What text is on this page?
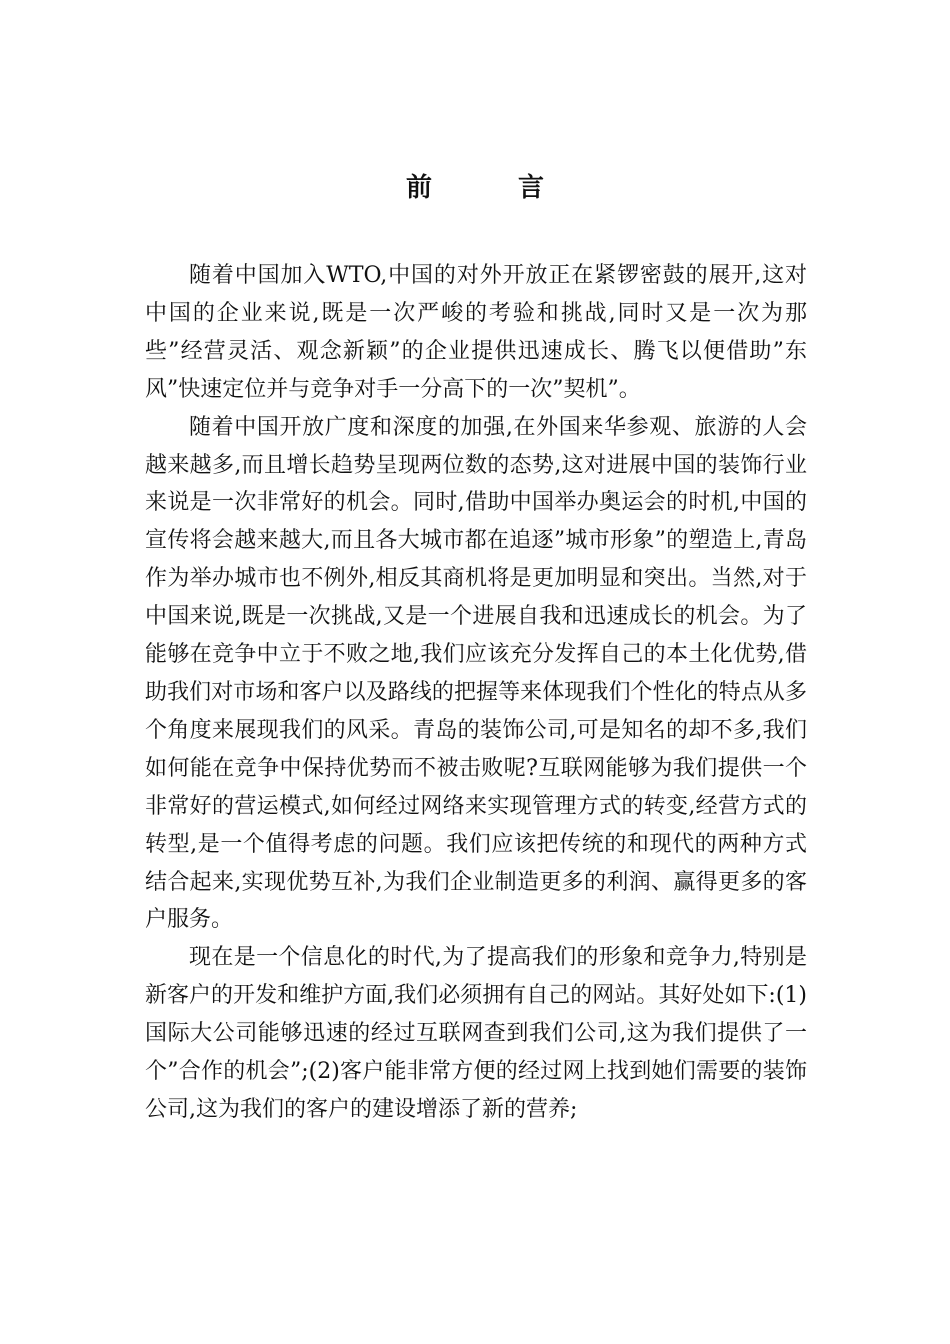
前　言

随着中国加入WTO,中国的对外开放正在紧锣密鼓的展开,这对中国的企业来说,既是一次严峻的考验和挑战,同时又是一次为那些”经营灵活、观念新颖”的企业提供迅速成长、腾飞以便借助”东风”快速定位并与竞争对手一分高下的一次”契机”。

随着中国开放广度和深度的加强,在外国来华参观、旅游的人会越来越多,而且增长趋势呈现两位数的态势,这对进展中国的装饰行业来说是一次非常好的机会。同时,借助中国举办奥运会的时机,中国的宣传将会越来越大,而且各大城市都在追逐”城市形象”的塑造上,青岛作为举办城市也不例外,相反其商机将是更加明显和突出。当然,对于中国来说,既是一次挑战,又是一个进展自我和迅速成长的机会。为了能够在竞争中立于不败之地,我们应该充分发挥自己的本土化优势,借助我们对市场和客户以及路线的把握等来体现我们个性化的特点从多个角度来展现我们的风采。青岛的装饰公司,可是知名的却不多,我们如何能在竞争中保持优势而不被击败呢?互联网能够为我们提供一个非常好的营运模式,如何经过网络来实现管理方式的转变,经营方式的转型,是一个值得考虑的问题。我们应该把传统的和现代的两种方式结合起来,实现优势互补,为我们企业制造更多的利润、赢得更多的客户服务。

现在是一个信息化的时代,为了提高我们的形象和竞争力,特别是新客户的开发和维护方面,我们必须拥有自己的网站。其好处如下:(1)国际大公司能够迅速的经过互联网查到我们公司,这为我们提供了一个”合作的机会”;(2)客户能非常方便的经过网上找到她们需要的装饰公司,这为我们的客户的建设增添了新的营养;
